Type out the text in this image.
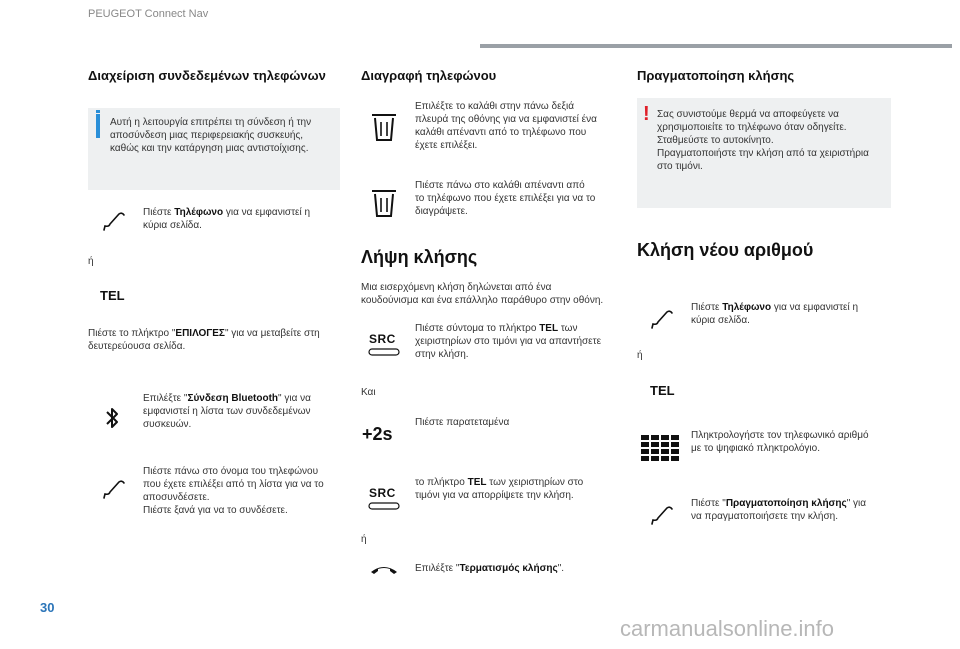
PEUGEOT Connect Nav
Διαχείριση συνδεδεμένων τηλεφώνων
Αυτή η λειτουργία επιτρέπει τη σύνδεση ή την
αποσύνδεση μιας περιφερειακής συσκευής,
καθώς και την κατάργηση μιας αντιστοίχισης.
Πιέστε Τηλέφωνο για να εμφανιστεί η
κύρια σελίδα.
ή
TEL
Πιέστε το πλήκτρο "ΕΠΙΛΟΓΕΣ" για να μεταβείτε στη
δευτερεύουσα σελίδα.
Επιλέξτε "Σύνδεση Bluetooth" για να
εμφανιστεί η λίστα των συνδεδεμένων
συσκευών.
Πιέστε πάνω στο όνομα του τηλεφώνου
που έχετε επιλέξει από τη λίστα για να το
αποσυνδέσετε.
Πιέστε ξανά για να το συνδέσετε.
Διαγραφή τηλεφώνου
Επιλέξτε το καλάθι στην πάνω δεξιά
πλευρά της οθόνης για να εμφανιστεί ένα
καλάθι απέναντι από το τηλέφωνο που
έχετε επιλέξει.
Πιέστε πάνω στο καλάθι απέναντι από
το τηλέφωνο που έχετε επιλέξει για να το
διαγράψετε.
Λήψη κλήσης
Μια εισερχόμενη κλήση δηλώνεται από ένα
κουδούνισμα και ένα επάλληλο παράθυρο στην οθόνη.
SRC
Πιέστε σύντομα το πλήκτρο TEL των
χειριστηρίων στο τιμόνι για να απαντήσετε
στην κλήση.
Και
+2s
Πιέστε παρατεταμένα
SRC
το πλήκτρο TEL των χειριστηρίων στο
τιμόνι για να απορρίψετε την κλήση.
ή
Επιλέξτε "Τερματισμός κλήσης".
Πραγματοποίηση κλήσης
! Σας συνιστούμε θερμά να αποφεύγετε να
χρησιμοποιείτε το τηλέφωνο όταν οδηγείτε.
Σταθμεύστε το αυτοκίνητο.
Πραγματοποιήστε την κλήση από τα χειριστήρια
στο τιμόνι.
Κλήση νέου αριθμού
Πιέστε Τηλέφωνο για να εμφανιστεί η
κύρια σελίδα.
ή
TEL
Πληκτρολογήστε τον τηλεφωνικό αριθμό
με το ψηφιακό πληκτρολόγιο.
Πιέστε "Πραγματοποίηση κλήσης" για
να πραγματοποιήσετε την κλήση.
30
carmanualsonline.info
